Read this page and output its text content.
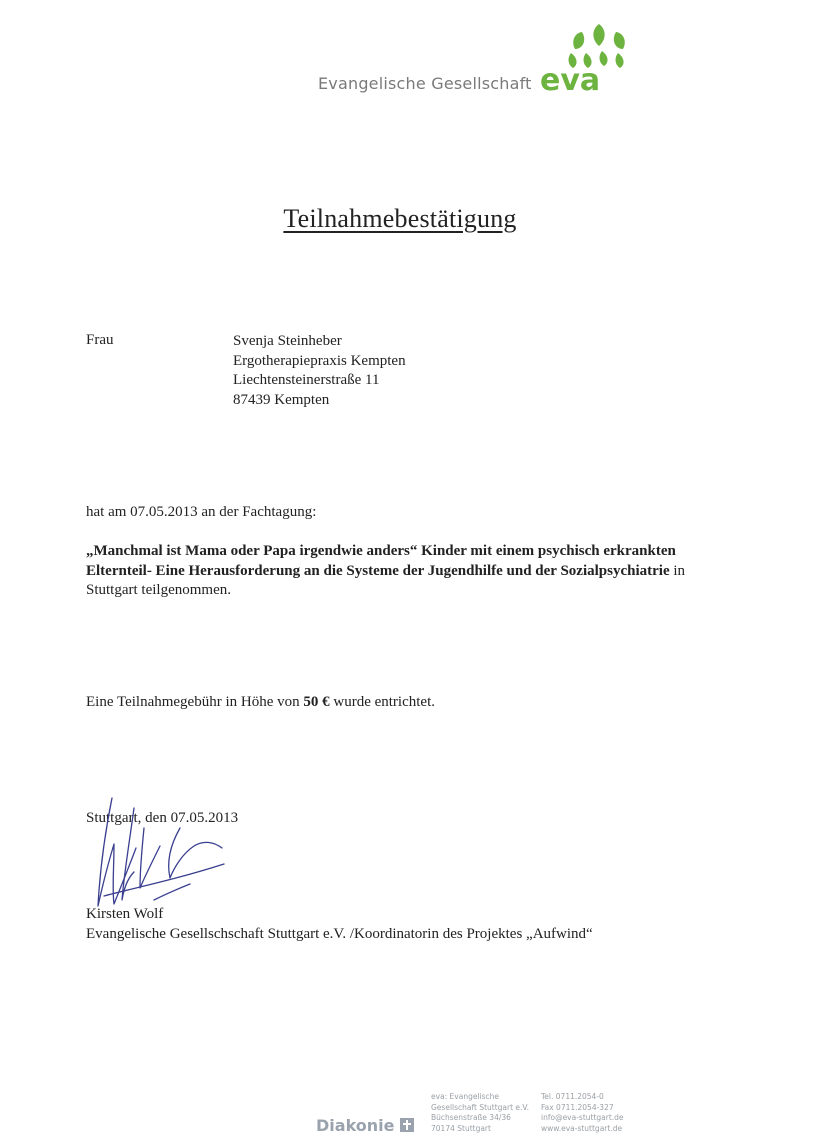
Evangelische Gesellschaft eva
Teilnahmebestätigung
Frau	Svenja Steinheber
Ergotherapiepraxis Kempten
Liechtensteinerstraße 11
87439 Kempten
hat am 07.05.2013 an der Fachtagung:
„Manchmal ist Mama oder Papa irgendwie anders“ Kinder mit einem psychisch erkrankten Elternteil- Eine Herausforderung an die Systeme der Jugendhilfe und der Sozialpsychiatrie in Stuttgart teilgenommen.
Eine Teilnahmegebühr in Höhe von 50 € wurde entrichtet.
Stuttgart, den 07.05.2013
Kirsten Wolf
Evangelische Gesellschschaft Stuttgart e.V. /Koordinatorin des Projektes „Aufwind“
Diakonie
eva: Evangelische
Gesellschaft Stuttgart e.V.
Büchsenstraße 34/36
70174 Stuttgart
Tel. 0711.2054-0
Fax 0711.2054-327
info@eva-stuttgart.de
www.eva-stuttgart.de
